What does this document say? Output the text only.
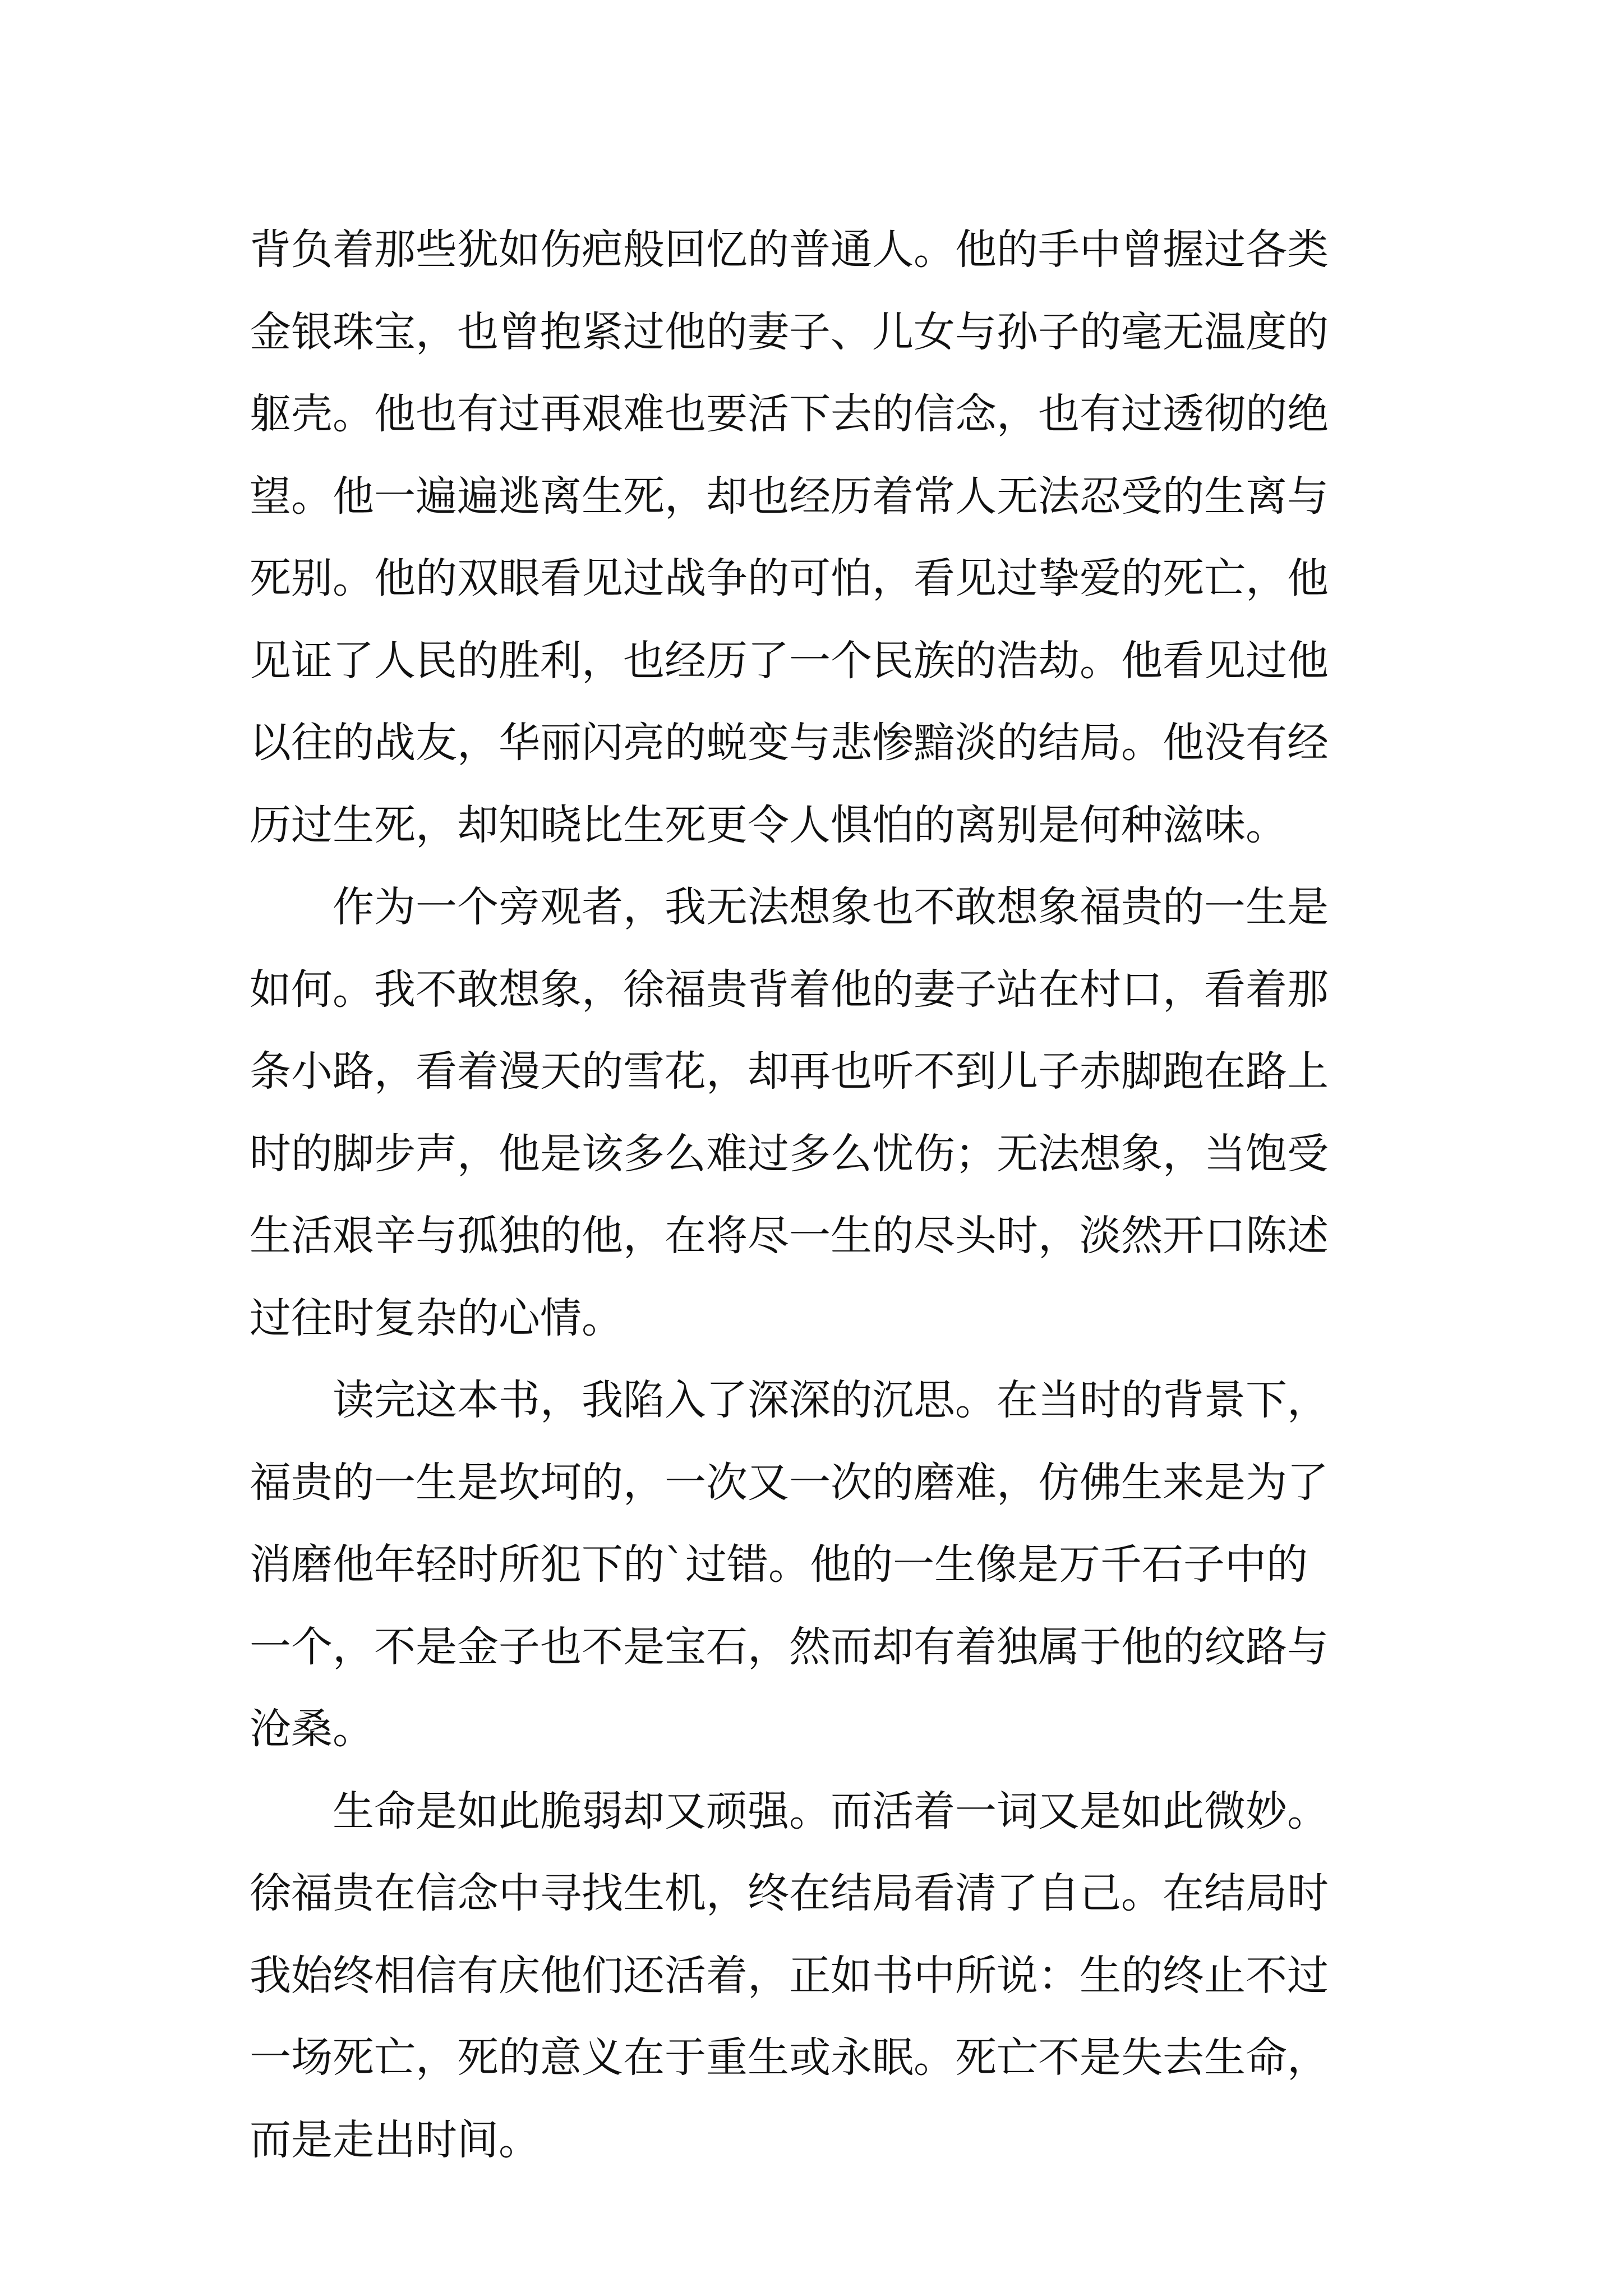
背负着那些犹如伤疤般回忆的普通人。他的手中曾握过各类
金银珠宝，也曾抱紧过他的妻子、儿女与孙子的毫无温度的
躯壳。他也有过再艰难也要活下去的信念，也有过透彻的绝
望。他一遍遍逃离生死，却也经历着常人无法忍受的生离与
死别。他的双眼看见过战争的可怕，看见过挚爱的死亡，他
见证了人民的胜利，也经历了一个民族的浩劫。他看见过他
以往的战友，华丽闪亮的蜕变与悲惨黯淡的结局。他没有经
历过生死，却知晓比生死更令人惧怕的离别是何种滋味。
　　作为一个旁观者，我无法想象也不敢想象福贵的一生是
如何。我不敢想象，徐福贵背着他的妻子站在村口，看着那
条小路，看着漫天的雪花，却再也听不到儿子赤脚跑在路上
时的脚步声，他是该多么难过多么忧伤；无法想象，当饱受
生活艰辛与孤独的他，在将尽一生的尽头时，淡然开口陈述
过往时复杂的心情。
　　读完这本书，我陷入了深深的沉思。在当时的背景下，
福贵的一生是坎坷的，一次又一次的磨难，仿佛生来是为了
消磨他年轻时所犯下的`过错。他的一生像是万千石子中的
一个，不是金子也不是宝石，然而却有着独属于他的纹路与
沧桑。
　　生命是如此脆弱却又顽强。而活着一词又是如此微妙。
徐福贵在信念中寻找生机，终在结局看清了自己。在结局时
我始终相信有庆他们还活着，正如书中所说：生的终止不过
一场死亡，死的意义在于重生或永眠。死亡不是失去生命，
而是走出时间。
